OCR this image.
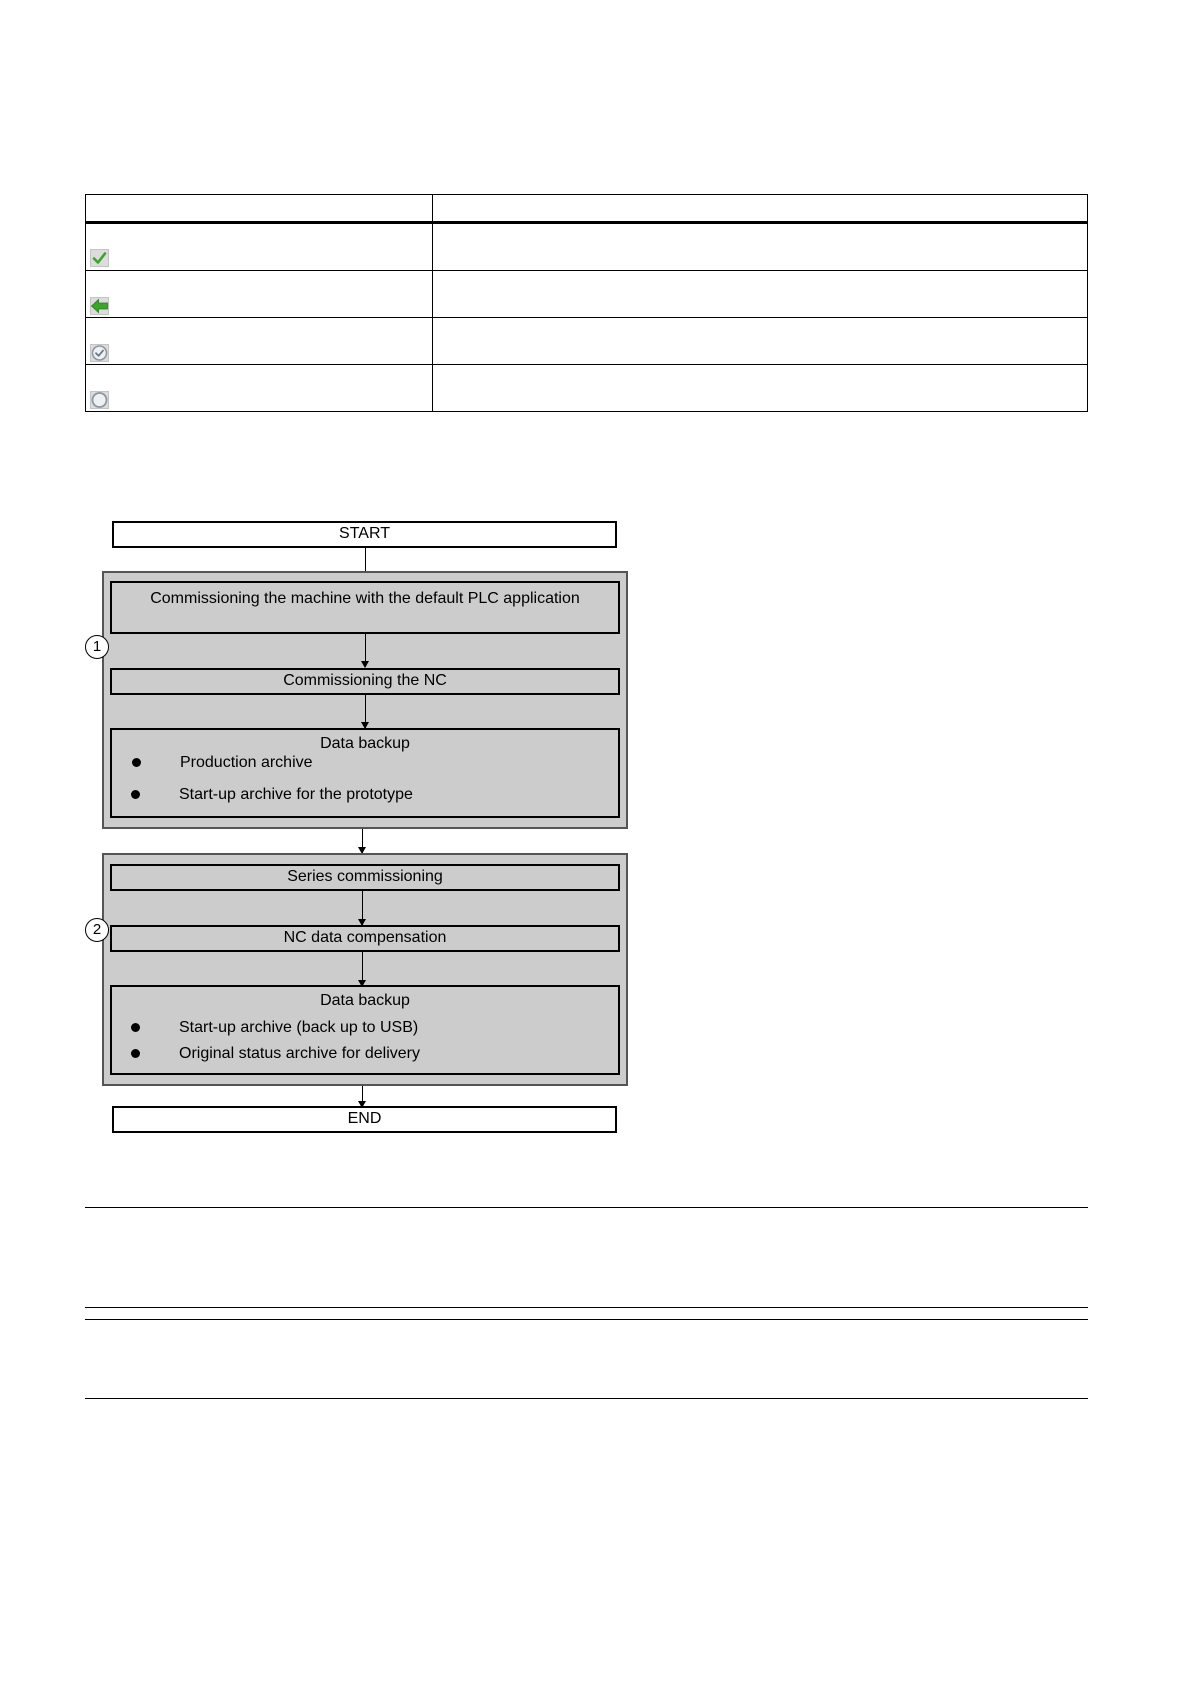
START
Commissioning the machine with the default PLC application
Commissioning the NC
Data backup
Production archive
Start-up archive for the prototype
1
Series commissioning
NC data compensation
Data backup
Start-up archive (back up to USB)
Original status archive for delivery
2
END
